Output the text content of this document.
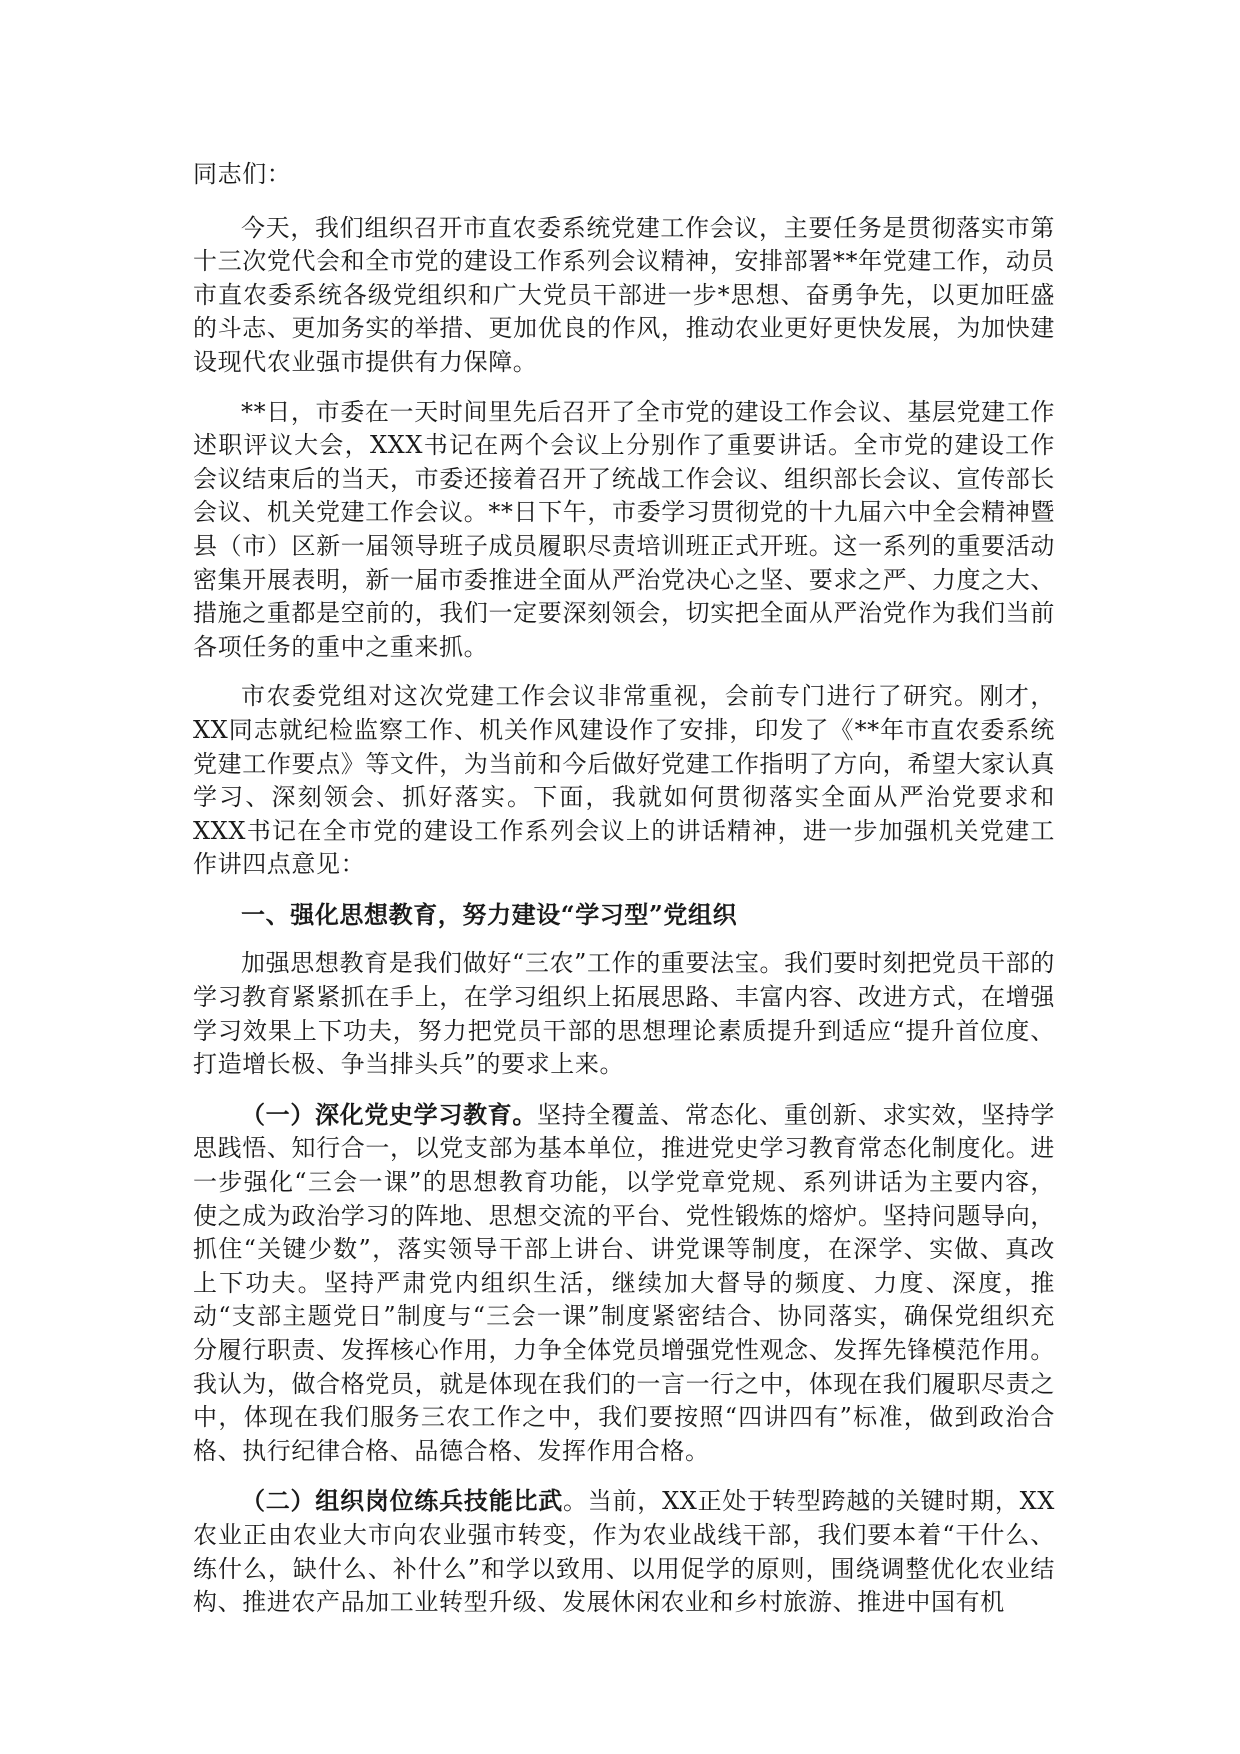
同志们：

今天，我们组织召开市直农委系统党建工作会议，主要任务是贯彻落实市第十三次党代会和全市党的建设工作系列会议精神，安排部署**年党建工作，动员市直农委系统各级党组织和广大党员干部进一步*思想、奋勇争先，以更加旺盛的斗志、更加务实的举措、更加优良的作风，推动农业更好更快发展，为加快建设现代农业强市提供有力保障。

**日，市委在一天时间里先后召开了全市党的建设工作会议、基层党建工作述职评议大会，XXX书记在两个会议上分别作了重要讲话。全市党的建设工作会议结束后的当天，市委还接着召开了统战工作会议、组织部长会议、宣传部长会议、机关党建工作会议。**日下午，市委学习贯彻党的十九届六中全会精神暨县（市）区新一届领导班子成员履职尽责培训班正式开班。这一系列的重要活动密集开展表明，新一届市委推进全面从严治党决心之坚、要求之严、力度之大、措施之重都是空前的，我们一定要深刻领会，切实把全面从严治党作为我们当前各项任务的重中之重来抓。

市农委党组对这次党建工作会议非常重视，会前专门进行了研究。刚才，XX同志就纪检监察工作、机关作风建设作了安排，印发了《**年市直农委系统党建工作要点》等文件，为当前和今后做好党建工作指明了方向，希望大家认真学习、深刻领会、抓好落实。下面，我就如何贯彻落实全面从严治党要求和XXX书记在全市党的建设工作系列会议上的讲话精神，进一步加强机关党建工作讲四点意见：

一、强化思想教育，努力建设“学习型”党组织

加强思想教育是我们做好“三农”工作的重要法宝。我们要时刻把党员干部的学习教育紧紧抓在手上，在学习组织上拓展思路、丰富内容、改进方式，在增强学习效果上下功夫，努力把党员干部的思想理论素质提升到适应“提升首位度、打造增长极、争当排头兵”的要求上来。

（一）深化党史学习教育。坚持全覆盖、常态化、重创新、求实效，坚持学思践悟、知行合一，以党支部为基本单位，推进党史学习教育常态化制度化。进一步强化“三会一课”的思想教育功能，以学党章党规、系列讲话为主要内容，使之成为政治学习的阵地、思想交流的平台、党性锻炼的熔炉。坚持问题导向，抓住“关键少数”，落实领导干部上讲台、讲党课等制度，在深学、实做、真改上下功夫。坚持严肃党内组织生活，继续加大督导的频度、力度、深度，推动“支部主题党日”制度与“三会一课”制度紧密结合、协同落实，确保党组织充分履行职责、发挥核心作用，力争全体党员增强党性观念、发挥先锋模范作用。我认为，做合格党员，就是体现在我们的一言一行之中，体现在我们履职尽责之中，体现在我们服务三农工作之中，我们要按照“四讲四有”标准，做到政治合格、执行纪律合格、品德合格、发挥作用合格。

（二）组织岗位练兵技能比武。当前，XX正处于转型跨越的关键时期，XX农业正由农业大市向农业强市转变，作为农业战线干部，我们要本着“干什么、练什么，缺什么、补什么”和学以致用、以用促学的原则，围绕调整优化农业结构、推进农产品加工业转型升级、发展休闲农业和乡村旅游、推进中国有机
